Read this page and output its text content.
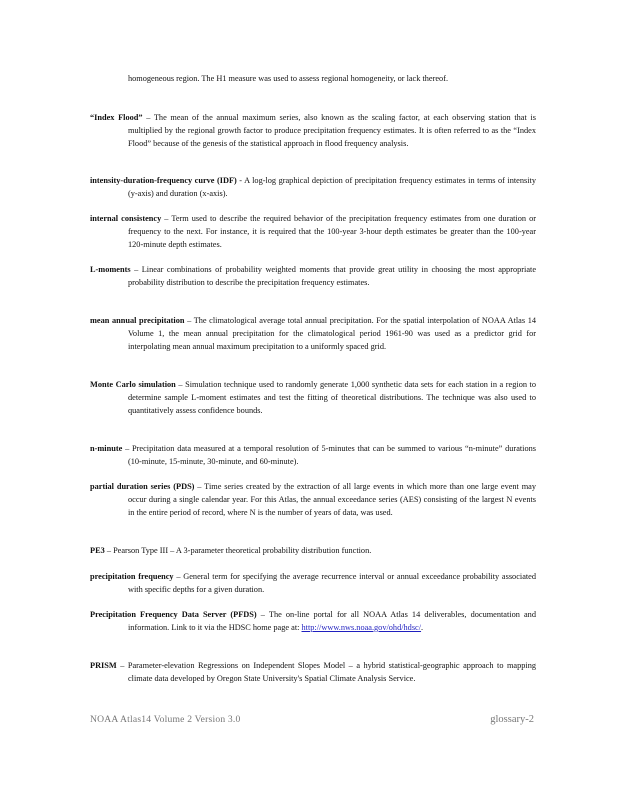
homogeneous region. The H1 measure was used to assess regional homogeneity, or lack thereof.

“Index Flood” – The mean of the annual maximum series, also known as the scaling factor, at each observing station that is multiplied by the regional growth factor to produce precipitation frequency estimates. It is often referred to as the “Index Flood” because of the genesis of the statistical approach in flood frequency analysis.

intensity-duration-frequency curve (IDF) - A log-log graphical depiction of precipitation frequency estimates in terms of intensity (y-axis) and duration (x-axis).

internal consistency – Term used to describe the required behavior of the precipitation frequency estimates from one duration or frequency to the next. For instance, it is required that the 100-year 3-hour depth estimates be greater than the 100-year 120-minute depth estimates.

L-moments – Linear combinations of probability weighted moments that provide great utility in choosing the most appropriate probability distribution to describe the precipitation frequency estimates.

mean annual precipitation – The climatological average total annual precipitation. For the spatial interpolation of NOAA Atlas 14 Volume 1, the mean annual precipitation for the climatological period 1961-90 was used as a predictor grid for interpolating mean annual maximum precipitation to a uniformly spaced grid.

Monte Carlo simulation – Simulation technique used to randomly generate 1,000 synthetic data sets for each station in a region to determine sample L-moment estimates and test the fitting of theoretical distributions. The technique was also used to quantitatively assess confidence bounds.

n-minute – Precipitation data measured at a temporal resolution of 5-minutes that can be summed to various “n-minute” durations (10-minute, 15-minute, 30-minute, and 60-minute).

partial duration series (PDS) – Time series created by the extraction of all large events in which more than one large event may occur during a single calendar year. For this Atlas, the annual exceedance series (AES) consisting of the largest N events in the entire period of record, where N is the number of years of data, was used.

PE3 – Pearson Type III – A 3-parameter theoretical probability distribution function.

precipitation frequency – General term for specifying the average recurrence interval or annual exceedance probability associated with specific depths for a given duration.

Precipitation Frequency Data Server (PFDS) – The on-line portal for all NOAA Atlas 14 deliverables, documentation and information. Link to it via the HDSC home page at: http://www.nws.noaa.gov/ohd/hdsc/.

PRISM – Parameter-elevation Regressions on Independent Slopes Model – a hybrid statistical-geographic approach to mapping climate data developed by Oregon State University's Spatial Climate Analysis Service.

NOAA Atlas14 Volume 2 Version 3.0	glossary-2
